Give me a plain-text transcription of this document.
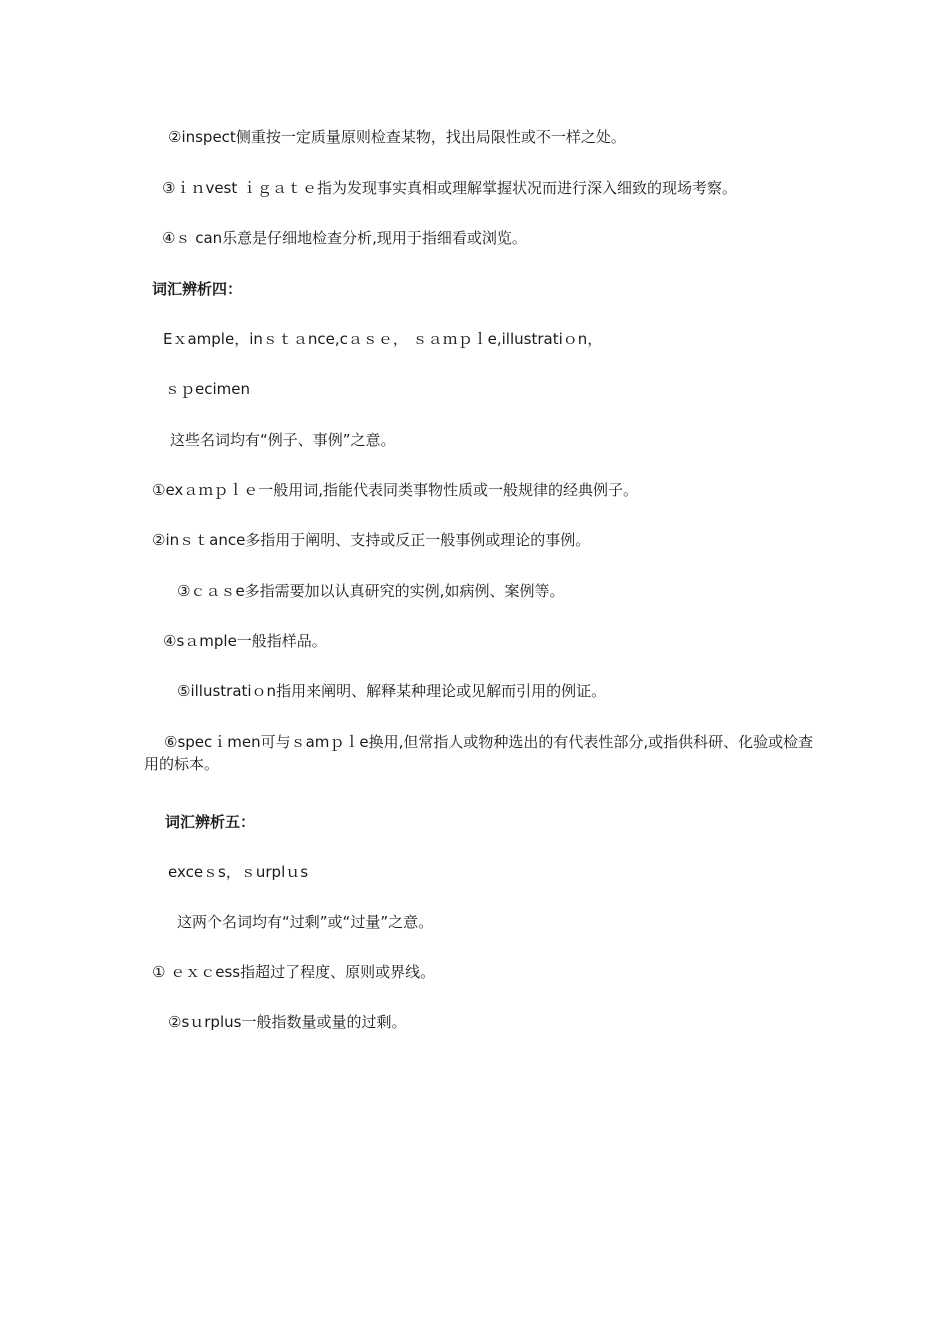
②inspect侧重按一定质量原则检查某物，找出局限性或不一样之处。
③ｉｎvest ｉｇａｔｅ指为发现事实真相或理解掌握状况而进行深入细致的现场考察。
④ｓ can乐意是仔细地检查分析,现用于指细看或浏览。
词汇辨析四：
Eｘample，inｓｔａnce,cａｓｅ， ｓａｍｐｌe,illustratiｏn，
ｓｐecimen
这些名词均有“例子、事例”之意。
①exａｍｐｌｅ一般用词,指能代表同类事物性质或一般规律的经典例子。
②inｓｔance多指用于阐明、支持或反正一般事例或理论的事例。
③ｃａｓe多指需要加以认真研究的实例,如病例、案例等。
④sａmple一般指样品。
⑤illustratiｏn指用来阐明、解释某种理论或见解而引用的例证。
⑥specｉmen可与ｓamｐｌe换用,但常指人或物种选出的有代表性部分,或指供科研、化验或检查用的标本。
词汇辨析五：
exceｓs，ｓurplｕs
这两个名词均有“过剩”或“过量”之意。
① ｅｘｃess指超过了程度、原则或界线。
②sｕrplus一般指数量或量的过剩。
